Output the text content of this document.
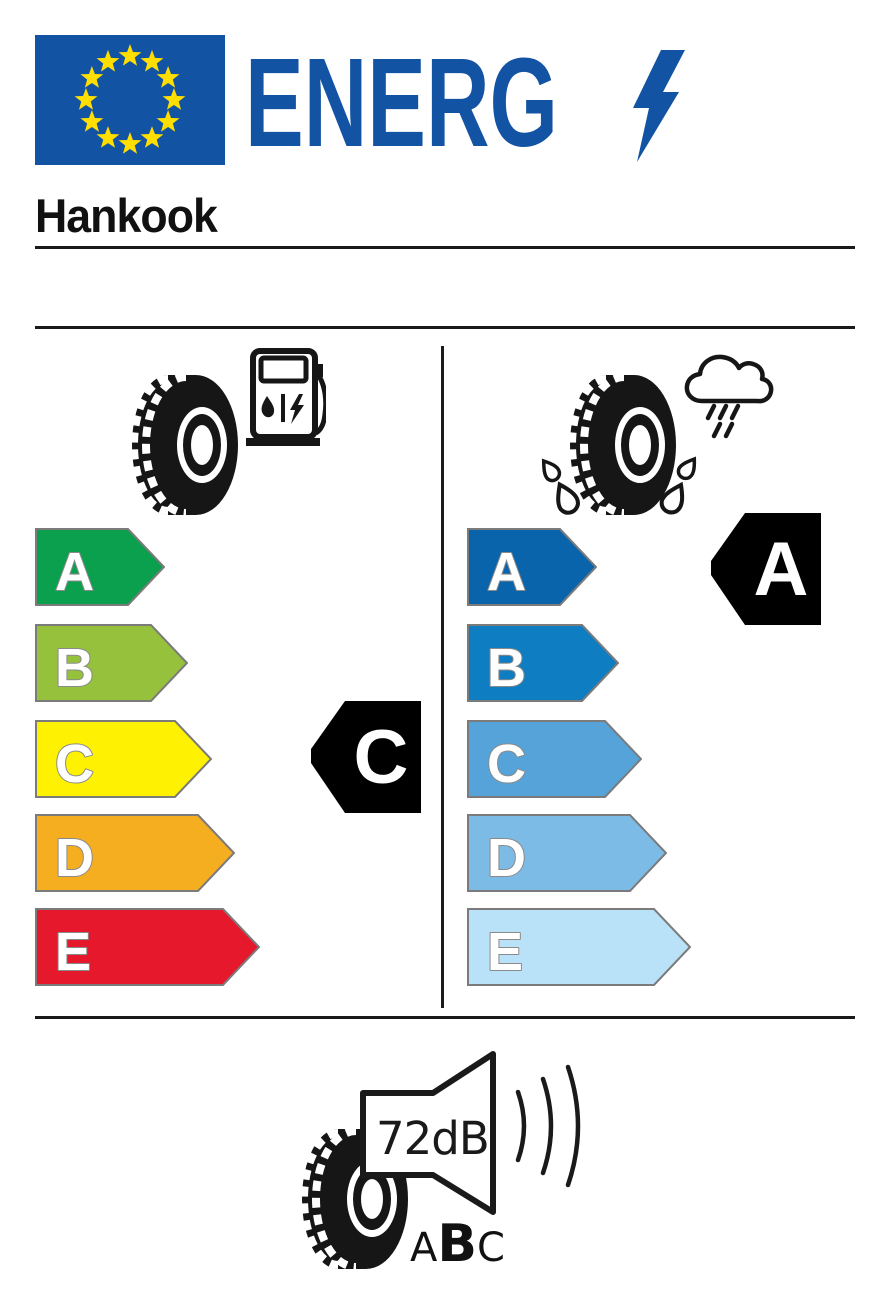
ENERG
Hankook
A
B
C
D
E
C
A
B
C
D
E
A
72dB
A B C
